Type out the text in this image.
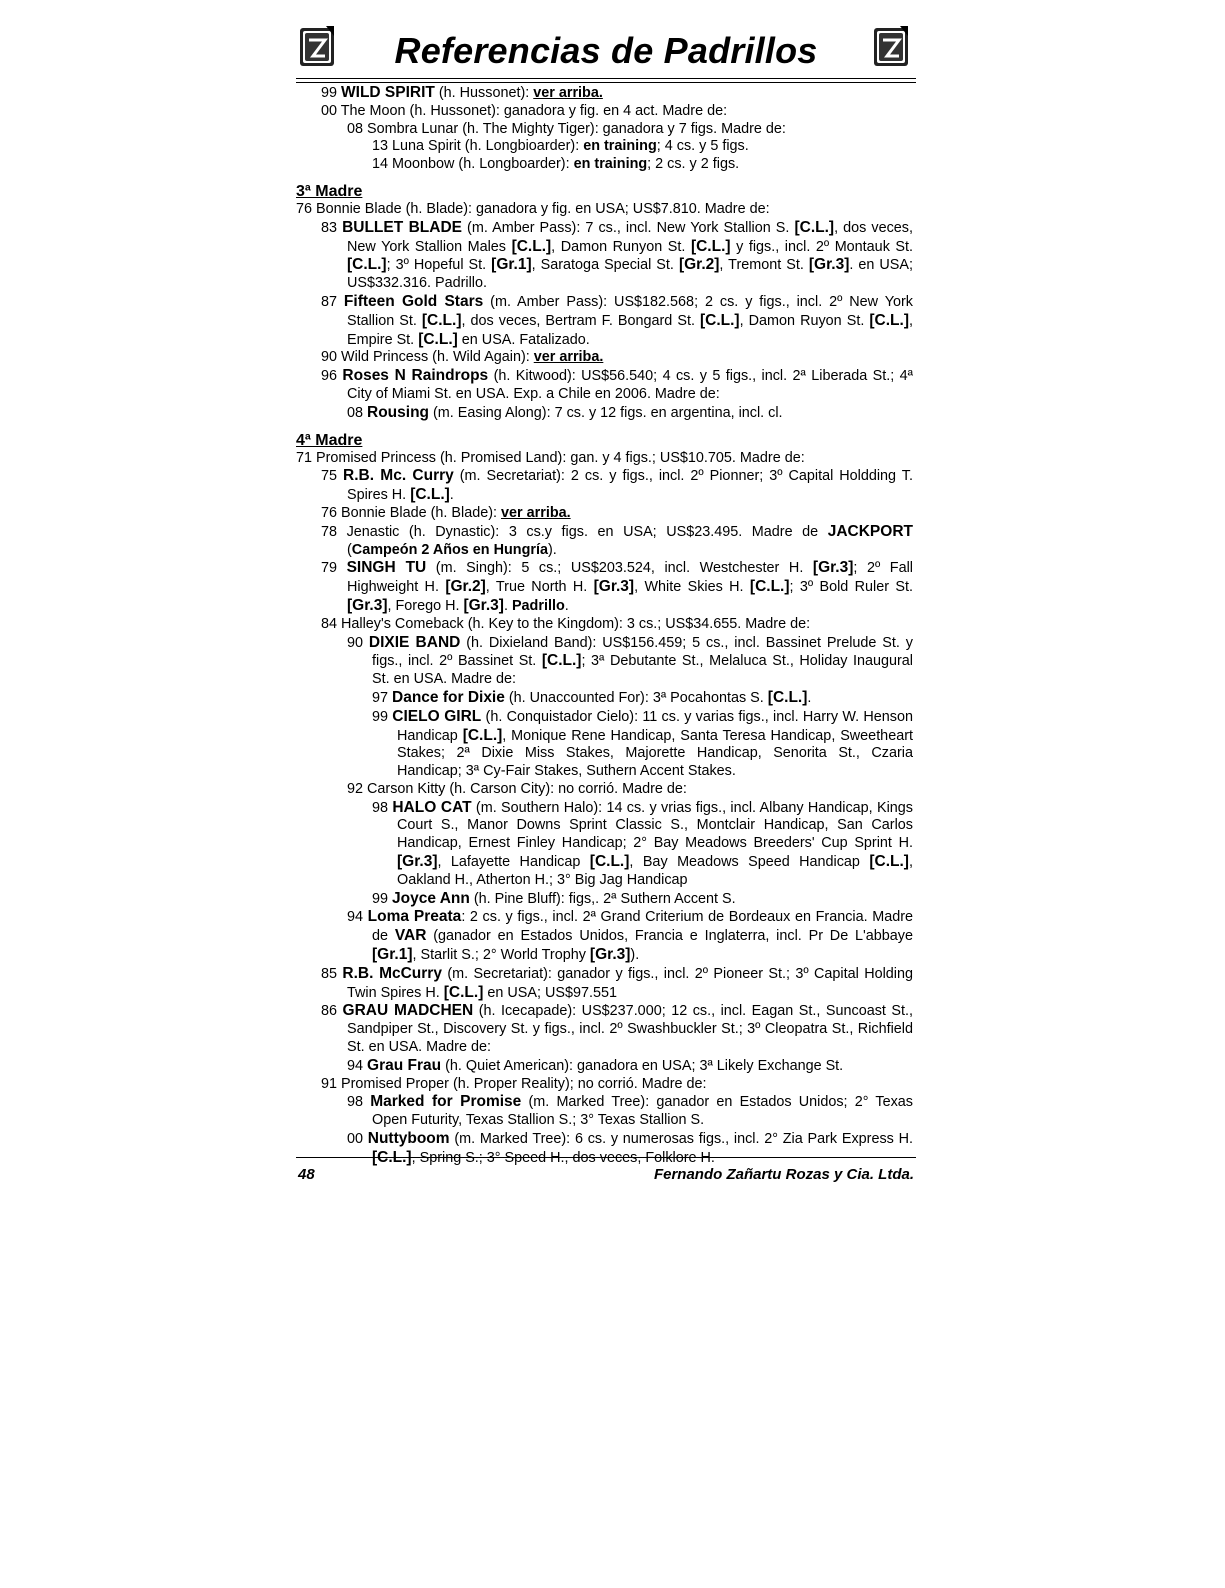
Referencias de Padrillos
99 WILD SPIRIT (h. Hussonet): ver arriba.
00 The Moon (h. Hussonet): ganadora y fig. en 4 act. Madre de:
08 Sombra Lunar (h. The Mighty Tiger): ganadora y 7 figs. Madre de:
13 Luna Spirit (h. Longbioarder): en training; 4 cs. y 5 figs.
14 Moonbow (h. Longboarder): en training; 2 cs. y 2 figs.
3ª Madre
76 Bonnie Blade (h. Blade): ganadora y fig. en USA; US$7.810. Madre de:
83 BULLET BLADE (m. Amber Pass): 7 cs., incl. New York Stallion S. [C.L.], dos veces, New York Stallion Males [C.L.], Damon Runyon St. [C.L.] y figs., incl. 2º Montauk St. [C.L.]; 3º Hopeful St. [Gr.1], Saratoga Special St. [Gr.2], Tremont St. [Gr.3]. en USA; US$332.316. Padrillo.
87 Fifteen Gold Stars (m. Amber Pass): US$182.568; 2 cs. y figs., incl. 2º New York Stallion St. [C.L.], dos veces, Bertram F. Bongard St. [C.L.], Damon Ruyon St. [C.L.], Empire St. [C.L.] en USA. Fatalizado.
90 Wild Princess (h. Wild Again): ver arriba.
96 Roses N Raindrops (h. Kitwood): US$56.540; 4 cs. y 5 figs., incl. 2ª Liberada St.; 4ª City of Miami St. en USA. Exp. a Chile en 2006. Madre de:
08 Rousing (m. Easing Along): 7 cs. y 12 figs. en argentina, incl. cl.
4ª Madre
71 Promised Princess (h. Promised Land): gan. y 4 figs.; US$10.705. Madre de:
75 R.B. Mc. Curry (m. Secretariat): 2 cs. y figs., incl. 2º Pionner; 3º Capital Holdding T. Spires H. [C.L.].
76 Bonnie Blade (h. Blade): ver arriba.
78 Jenastic (h. Dynastic): 3 cs.y figs. en USA; US$23.495. Madre de JACKPORT (Campeón 2 Años en Hungría).
79 SINGH TU (m. Singh): 5 cs.; US$203.524, incl. Westchester H. [Gr.3]; 2º Fall Highweight H. [Gr.2], True North H. [Gr.3], White Skies H. [C.L.]; 3º Bold Ruler St. [Gr.3], Forego H. [Gr.3]. Padrillo.
84 Halley's Comeback (h. Key to the Kingdom): 3 cs.; US$34.655. Madre de:
90 DIXIE BAND (h. Dixieland Band): US$156.459; 5 cs., incl. Bassinet Prelude St. y figs., incl. 2º Bassinet St. [C.L.]; 3ª Debutante St., Melaluca St., Holiday Inaugural St. en USA. Madre de:
97 Dance for Dixie (h. Unaccounted For): 3ª Pocahontas S. [C.L.].
99 CIELO GIRL (h. Conquistador Cielo): 11 cs. y varias figs., incl. Harry W. Henson Handicap [C.L.], Monique Rene Handicap, Santa Teresa Handicap, Sweetheart Stakes; 2ª Dixie Miss Stakes, Majorette Handicap, Senorita St., Czaria Handicap; 3ª Cy-Fair Stakes, Suthern Accent Stakes.
92 Carson Kitty (h. Carson City): no corrió. Madre de:
98 HALO CAT (m. Southern Halo): 14 cs. y vrias figs., incl. Albany Handicap, Kings Court S., Manor Downs Sprint Classic S., Montclair Handicap, San Carlos Handicap, Ernest Finley Handicap; 2° Bay Meadows Breeders' Cup Sprint H. [Gr.3], Lafayette Handicap [C.L.], Bay Meadows Speed Handicap [C.L.], Oakland H., Atherton H.; 3° Big Jag Handicap
99 Joyce Ann (h. Pine Bluff): figs,. 2ª Suthern Accent S.
94 Loma Preata: 2 cs. y figs., incl. 2ª Grand Criterium de Bordeaux en Francia. Madre de VAR (ganador en Estados Unidos, Francia e Inglaterra, incl. Pr De L'abbaye [Gr.1], Starlit S.; 2° World Trophy [Gr.3]).
85 R.B. McCurry (m. Secretariat): ganador y figs., incl. 2º Pioneer St.; 3º Capital Holding Twin Spires H. [C.L.] en USA; US$97.551
86 GRAU MADCHEN (h. Icecapade): US$237.000; 12 cs., incl. Eagan St., Suncoast St., Sandpiper St., Discovery St. y figs., incl. 2º Swashbuckler St.; 3º Cleopatra St., Richfield St. en USA. Madre de:
94 Grau Frau (h. Quiet American): ganadora en USA; 3ª Likely Exchange St.
91 Promised Proper (h. Proper Reality); no corrió. Madre de:
98 Marked for Promise (m. Marked Tree): ganador en Estados Unidos; 2° Texas Open Futurity, Texas Stallion S.; 3° Texas Stallion S.
00 Nuttyboom (m. Marked Tree): 6 cs. y numerosas figs., incl. 2° Zia Park Express H. [C.L.], Spring S.; 3° Speed H., dos veces, Folklore H.
48	Fernando Zañartu Rozas y Cia. Ltda.
